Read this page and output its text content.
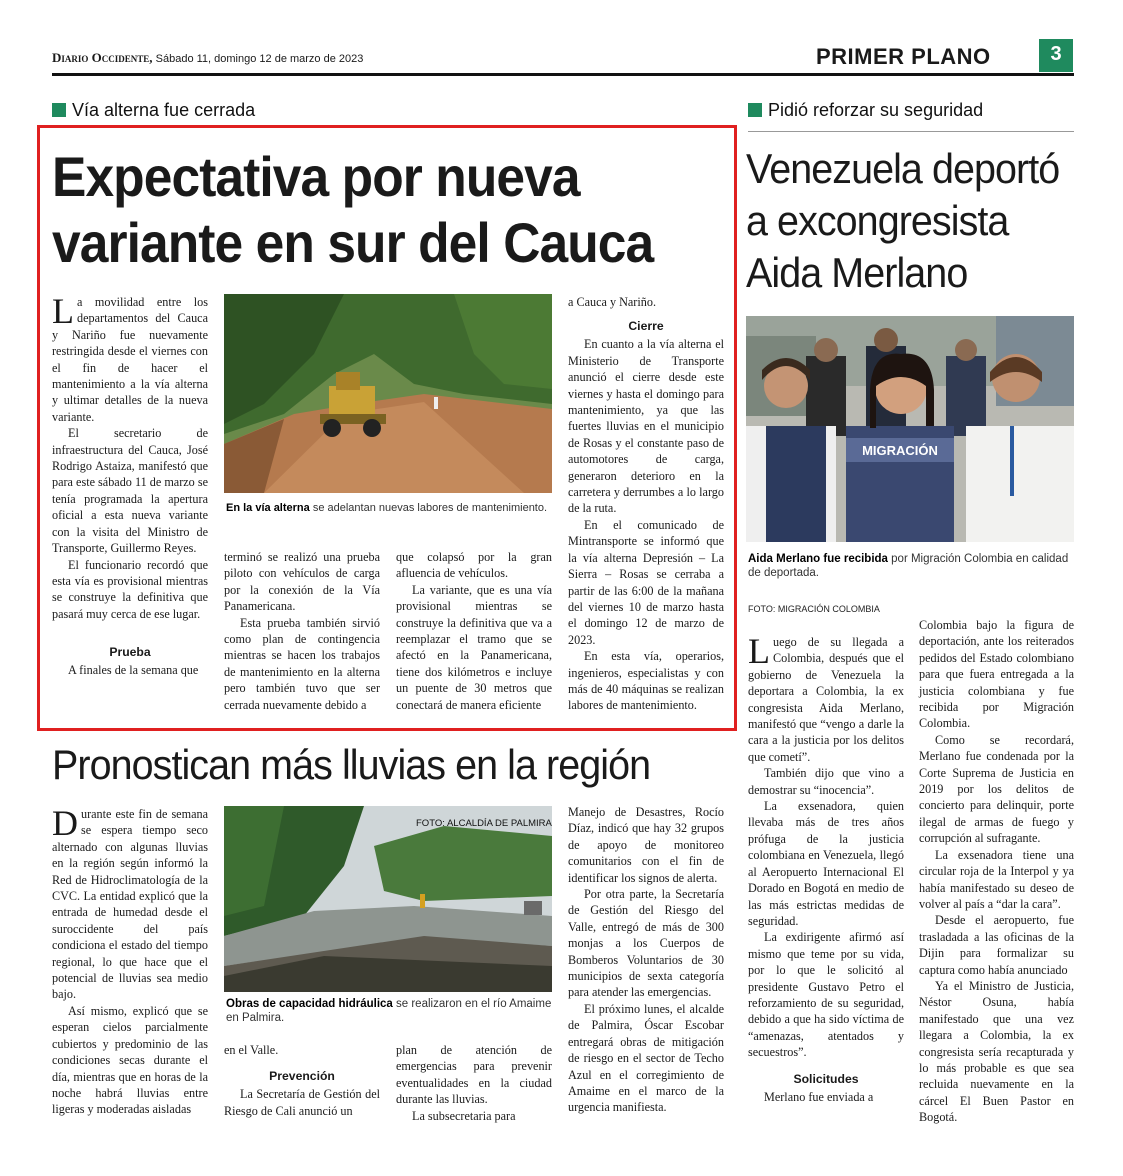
Diario Occidente, Sábado 11, domingo 12 de marzo de 2023	PRIMER PLANO	3
Vía alterna fue cerrada
Expectativa por nueva variante en sur del Cauca
L a movilidad entre los departamentos del Cauca y Nariño fue nuevamente restringida desde el viernes con el fin de hacer el mantenimiento a la vía alterna y ultimar detalles de la nueva variante.

El secretario de infraestructura del Cauca, José Rodrigo Astaiza, manifestó que para este sábado 11 de marzo se tenía programada la apertura oficial a esta nueva variante con la visita del Ministro de Transporte, Guillermo Reyes.

El funcionario recordó que esta vía es provisional mientras se construye la definitiva que pasará muy cerca de ese lugar.

Prueba

A finales de la semana que

En la vía alterna se adelantan nuevas labores de mantenimiento.

terminó se realizó una prueba piloto con vehículos de carga por la conexión de la Vía Panamericana.

Esta prueba también sirvió como plan de contingencia mientras se hacen los trabajos de mantenimiento en la alterna pero también tuvo que ser cerrada nuevamente debido a

que colapsó por la gran afluencia de vehículos.

La variante, que es una vía provisional mientras se construye la definitiva que va a reemplazar el tramo que se afectó en la Panamericana, tiene dos kilómetros e incluye un puente de 30 metros que conectará de manera eficiente

a Cauca y Nariño.

Cierre

En cuanto a la vía alterna el Ministerio de Transporte anunció el cierre desde este viernes y hasta el domingo para mantenimiento, ya que las fuertes lluvias en el municipio de Rosas y el constante paso de automotores de carga, generaron deterioro en la carretera y derrumbes a lo largo de la ruta.

En el comunicado de Mintransporte se informó que la vía alterna Depresión – La Sierra – Rosas se cerraba a partir de las 6:00 de la mañana del viernes 10 de marzo hasta el domingo 12 de marzo de 2023.

En esta vía, operarios, ingenieros, especialistas y con más de 40 máquinas se realizan labores de mantenimiento.

Pidió reforzar su seguridad
Venezuela deportó a excongresista Aida Merlano
MIGRACIÓN
Aida Merlano fue recibida por Migración Colombia en calidad de deportada.
FOTO: MIGRACIÓN COLOMBIA
L uego de su llegada a Colombia, después que el gobierno de Venezuela la deportara a Colombia, la ex congresista Aida Merlano, manifestó que “vengo a darle la cara a la justicia por los delitos que cometí”.

También dijo que vino a demostrar su “inocencia”.

La exsenadora, quien llevaba más de tres años prófuga de la justicia colombiana en Venezuela, llegó al Aeropuerto Internacional El Dorado en Bogotá en medio de las más estrictas medidas de seguridad.

La exdirigente afirmó así mismo que teme por su vida, por lo que le solicitó al presidente Gustavo Petro el reforzamiento de su seguridad, debido a que ha sido víctima de “amenazas, atentados y secuestros”.

Solicitudes

Merlano fue enviada a

Colombia bajo la figura de deportación, ante los reiterados pedidos del Estado colombiano para que fuera entregada a la justicia colombiana y fue recibida por Migración Colombia.

Como se recordará, Merlano fue condenada por la Corte Suprema de Justicia en 2019 por los delitos de concierto para delinquir, porte ilegal de armas de fuego y corrupción al sufragante.

La exsenadora tiene una circular roja de la Interpol y ya había manifestado su deseo de volver al país a “dar la cara”.

Desde el aeropuerto, fue trasladada a las oficinas de la Dijin para formalizar su captura como había anunciado

Ya el Ministro de Justicia, Néstor Osuna, había manifestado que una vez llegara a Colombia, la ex congresista sería recapturada y lo más probable es que sea recluida nuevamente en la cárcel El Buen Pastor en Bogotá.

Pronostican más lluvias en la región
D urante este fin de semana se espera tiempo seco alternado con algunas lluvias en la región según informó la Red de Hidroclimatología de la CVC. La entidad explicó que la entrada de humedad desde el suroccidente del país condiciona el estado del tiempo regional, lo que hace que el potencial de lluvias sea medio bajo.

Así mismo, explicó que se esperan cielos parcialmente cubiertos y predominio de las condiciones secas durante el día, mientras que en horas de la noche habrá lluvias entre ligeras y moderadas aisladas

FOTO: ALCALDÍA DE PALMIRA
Obras de capacidad hidráulica se realizaron en el río Amaime en Palmira.

en el Valle.

Prevención

La Secretaría de Gestión del Riesgo de Cali anunció un

plan de atención de emergencias para prevenir eventualidades en la ciudad durante las lluvias.

La subsecretaria para

Manejo de Desastres, Rocío Díaz, indicó que hay 32 grupos de apoyo de monitoreo comunitarios con el fin de identificar los signos de alerta.

Por otra parte, la Secretaría de Gestión del Riesgo del Valle, entregó de más de 300 monjas a los Cuerpos de Bomberos Voluntarios de 30 municipios de sexta categoría para atender las emergencias.

El próximo lunes, el alcalde de Palmira, Óscar Escobar entregará obras de mitigación de riesgo en el sector de Techo Azul en el corregimiento de Amaime en el marco de la urgencia manifiesta.
